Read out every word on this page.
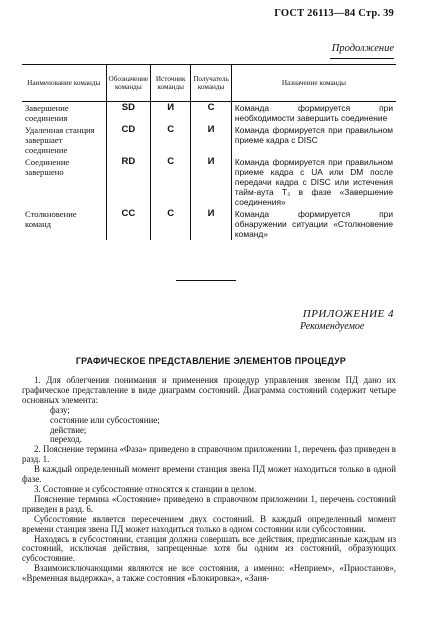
ГОСТ 26113—84 Стр. 39
Продолжение
Наименование команды	Обозначение команды	Источник команды	Получатель команды	Назначение команды
Завершение соединения	SD	И	С	Команда формируется при необходимости завершить соединение
Удаленная станция завершает соединение	CD	С	И	Команда формируется при правильном приеме кадра с DISC
Соединение завершено	RD	С	И	Команда формируется при правильном приеме кадра с UA или DM после передачи кадра с DISC или истечения тайм-аута T₂ в фазе «Завершение соединения»
Столкновение команд	CC	С	И	Команда формируется при обнаружении ситуации «Столкновение команд»
ПРИЛОЖЕНИЕ 4
Рекомендуемое
ГРАФИЧЕСКОЕ ПРЕДСТАВЛЕНИЕ ЭЛЕМЕНТОВ ПРОЦЕДУР

1. Для облегчения понимания и применения процедур управления звеном ПД дано их графическое представление в виде диаграмм состояний. Диаграмма состояний содержит четыре основных элемента:

фазу;

состояние или субсостояние;

действие;

переход.

2. Пояснение термина «Фаза» приведено в справочном приложении 1, перечень фаз приведен в разд. 1.

В каждый определенный момент времени станция звена ПД может находиться только в одной фазе.

3. Состояние и субсостояние относятся к станции в целом.

Пояснение термина «Состояние» приведено в справочном приложении 1, перечень состояний приведен в разд. 6.

Субсостояние является пересечением двух состояний. В каждый определенный момент времени станция звена ПД может находиться только в одном состоянии или субсостоянии.

Находясь в субсостоянии, станция должна совершать все действия, предписанные каждым из состояний, исключая действия, запрещенные хотя бы одним из состояний, образующих субсостояние.

Взаимоисключающими являются не все состояния, а именно: «Неприем», «Приостанов», «Временная выдержка», а также состояния «Блокировка», «Заня-
